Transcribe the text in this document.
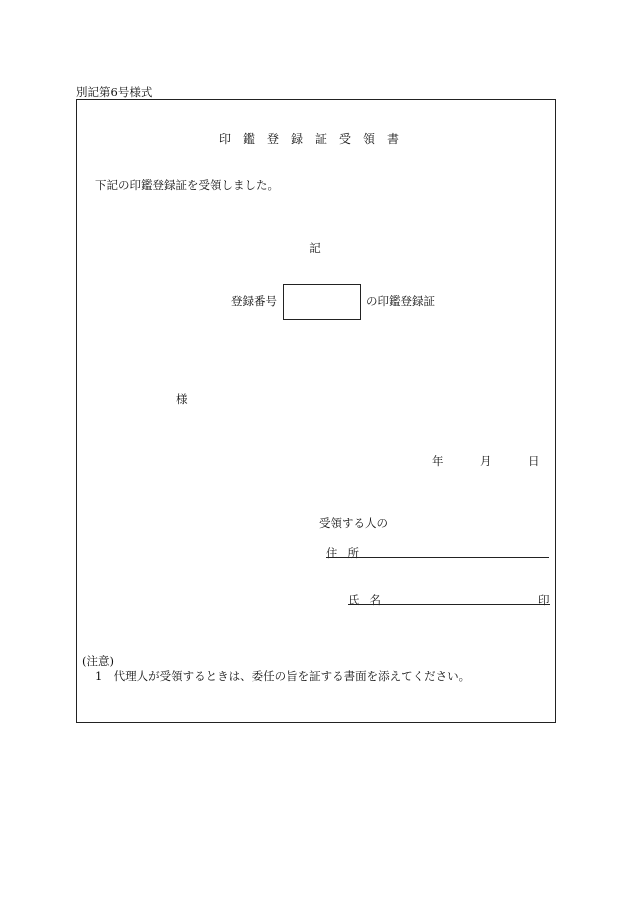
別記第6号様式
印鑑登録証受領書
下記の印鑑登録証を受領しました。
記
登録番号	の印鑑登録証
様
年	月	日
受領する人の
住所
氏名	印
(注意)
1 代理人が受領するときは、委任の旨を証する書面を添えてください。
